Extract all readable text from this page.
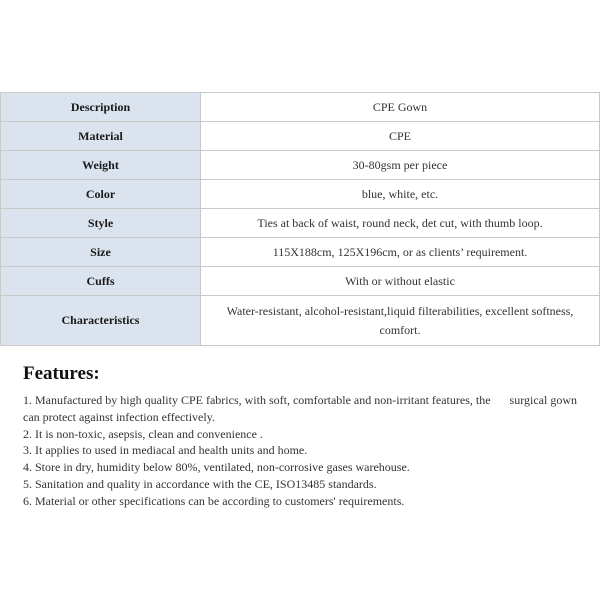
Description	CPE Gown
Material	CPE
Weight	30-80gsm per piece
Color	blue, white, etc.
Style	Ties at back of waist, round neck, det cut, with thumb loop.
Size	115X188cm, 125X196cm, or as clients’ requirement.
Cuffs	With or without elastic
Characteristics	Water-resistant, alcohol-resistant,liquid filterabilities, excellent softness, comfort.
Features:
1. Manufactured by high quality CPE fabrics, with soft, comfortable and non-irritant features, the surgical gown can protect against infection effectively.
2. It is non-toxic, asepsis, clean and convenience .
3. It applies to used in mediacal and health units and home.
4. Store in dry, humidity below 80%, ventilated, non-corrosive gases warehouse.
5. Sanitation and quality in accordance with the CE, ISO13485 standards.
6. Material or other specifications can be according to customers' requirements.
